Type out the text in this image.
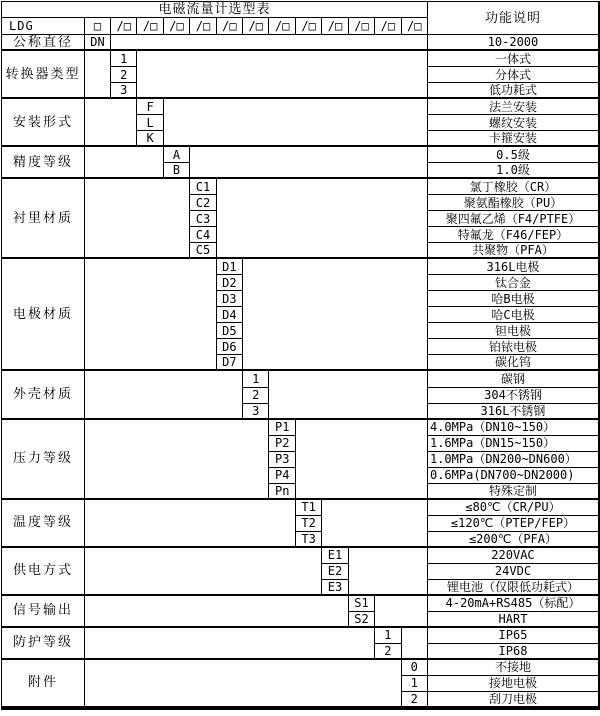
电磁流量计选型表
功能说明
LDG	□	/□ /□ /□ /□ /□ /□ /□ /□ /□ /□ /□ /□
公称直径	DN	10-2000
转换器类型
1	一体式
2	分体式
3	低功耗式
安装形式
F	法兰安装
L	螺纹安装
K	卡箍安装
精度等级	A	0.5级
B	1.0级
衬里材质
C1	氯丁橡胶（CR）
C2	聚氨酯橡胶（PU）
C3	聚四氟乙烯（F4/PTFE）
C4	特氟龙（F46/FEP）
C5	共聚物（PFA）
电极材质
D1	316L电极
D2	钛合金
D3	哈B电极
D4	哈C电极
D5	钽电极
D6	铂铱电极
D7	碳化钨
外壳材质
1	碳钢
2	304不锈钢
3	316L不锈钢
压力等级
P1	4.0MPa（DN10~150）
P2	1.6MPa（DN15~150）
P3	1.0MPa（DN200~DN600）
P4	0.6MPa(DN700~DN2000)
Pn	特殊定制
温度等级
T1	≤80℃（CR/PU）
T2	≤120℃（PTEP/FEP）
T3	≤200℃（PFA）
供电方式
E1	220VAC
E2	24VDC
E3	锂电池（仅限低功耗式）
信号输出
S1	4-20mA+RS485（标配）
S2	HART
防护等级
1	IP65
2	IP68
附件
0	不接地
1	接地电极
2	刮刀电极
